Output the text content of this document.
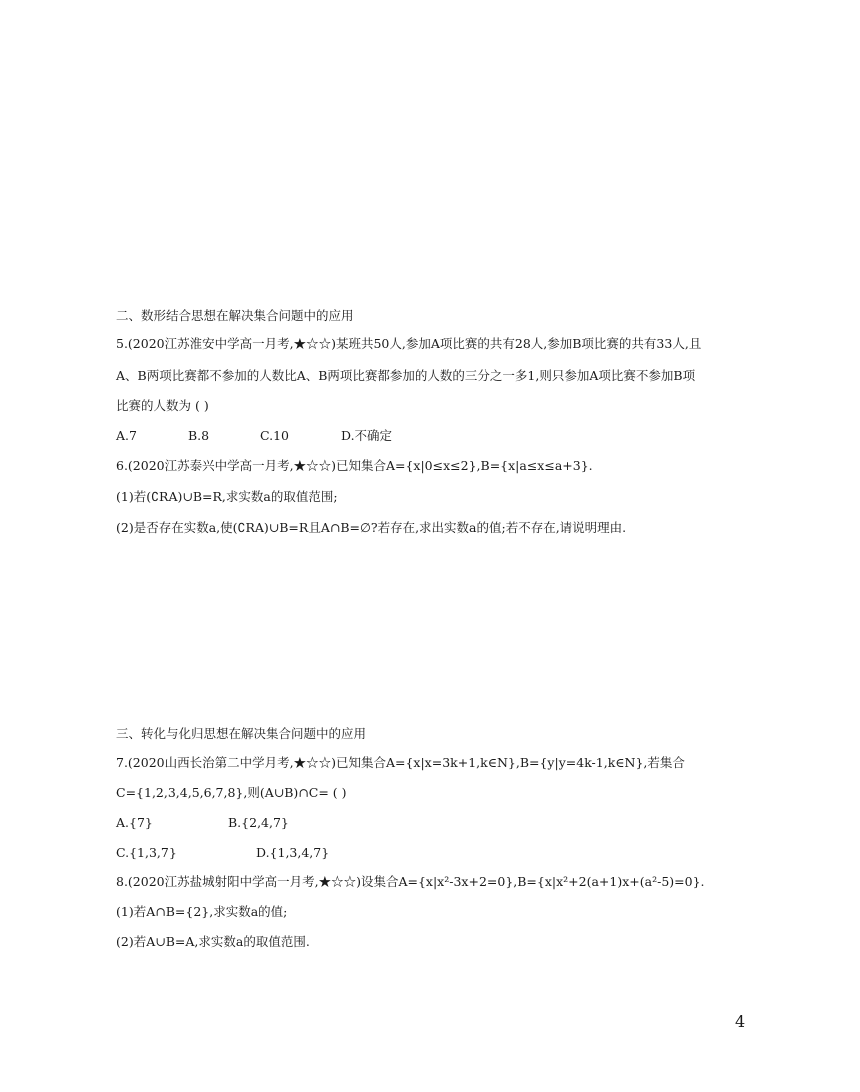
二、数形结合思想在解决集合问题中的应用
5.(2020江苏淮安中学高一月考,★☆☆)某班共50人,参加A项比赛的共有28人,参加B项比赛的共有33人,且
A、B两项比赛都不参加的人数比A、B两项比赛都参加的人数的三分之一多1,则只参加A项比赛不参加B项
比赛的人数为 ( )
A.7	B.8	C.10	D.不确定
6.(2020江苏泰兴中学高一月考,★☆☆)已知集合A={x|0≤x≤2},B={x|a≤x≤a+3}.
(1)若(∁RA)∪B=R,求实数a的取值范围;
(2)是否存在实数a,使(∁RA)∪B=R且A∩B=∅?若存在,求出实数a的值;若不存在,请说明理由.
三、转化与化归思想在解决集合问题中的应用
7.(2020山西长治第二中学月考,★☆☆)已知集合A={x|x=3k+1,k∈N},B={y|y=4k-1,k∈N},若集合
C={1,2,3,4,5,6,7,8},则(A∪B)∩C= ( )
A.{7}	B.{2,4,7}
C.{1,3,7}	D.{1,3,4,7}
8.(2020江苏盐城射阳中学高一月考,★☆☆)设集合A={x|x²-3x+2=0},B={x|x²+2(a+1)x+(a²-5)=0}.
(1)若A∩B={2},求实数a的值;
(2)若A∪B=A,求实数a的取值范围.
4
